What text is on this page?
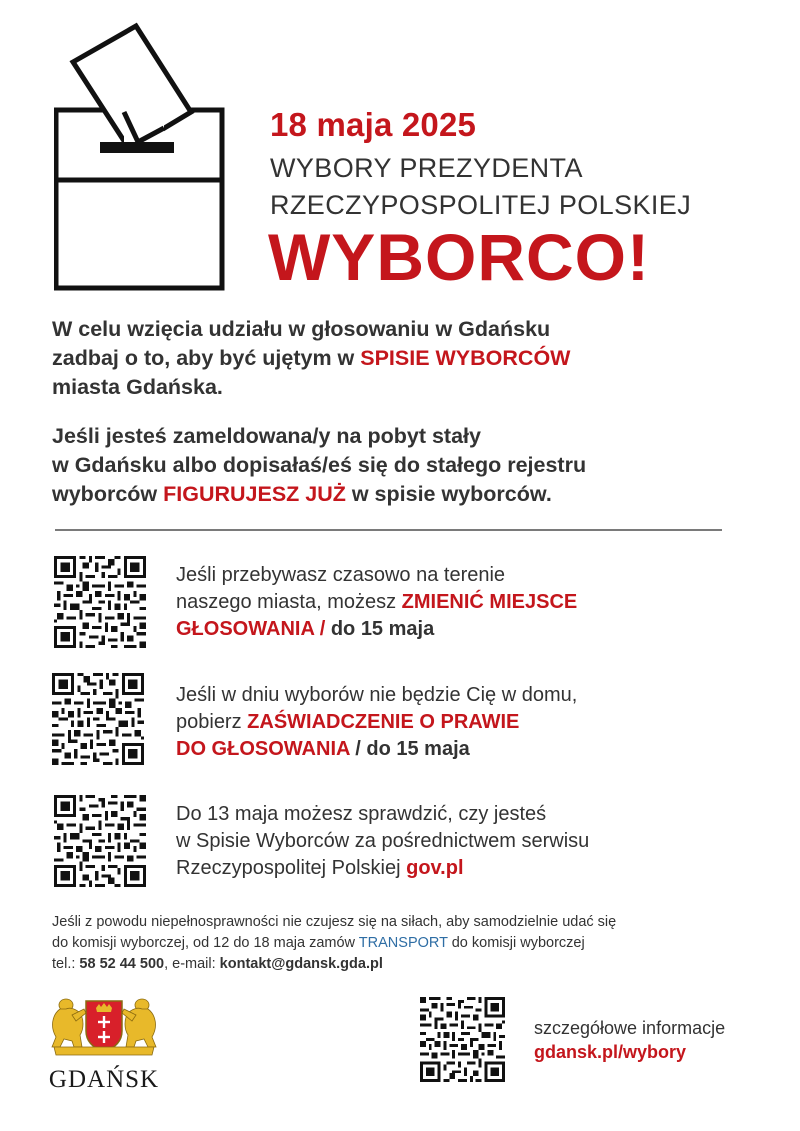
18 maja 2025
WYBORY PREZYDENTA
RZECZYPOSPOLITEJ POLSKIEJ
WYBORCO!
W celu wzięcia udziału w głosowaniu w Gdańsku
zadbaj o to, aby być ujętym w SPISIE WYBORCÓW
miasta Gdańska.
Jeśli jesteś zameldowana/y na pobyt stały
w Gdańsku albo dopisałaś/eś się do stałego rejestru
wyborców FIGURUJESZ JUŻ w spisie wyborców.
Jeśli przebywasz czasowo na terenie
naszego miasta, możesz ZMIENIĆ MIEJSCE
GŁOSOWANIA / do 15 maja
Jeśli w dniu wyborów nie będzie Cię w domu,
pobierz ZAŚWIADCZENIE O PRAWIE
DO GŁOSOWANIA / do 15 maja
Do 13 maja możesz sprawdzić, czy jesteś
w Spisie Wyborców za pośrednictwem serwisu
Rzeczypospolitej Polskiej gov.pl
Jeśli z powodu niepełnosprawności nie czujesz się na siłach, aby samodzielnie udać się
do komisji wyborczej, od 12 do 18 maja zamów TRANSPORT do komisji wyborczej
tel.: 58 52 44 500, e-mail: kontakt@gdansk.gda.pl
GDAŃSK
szczegółowe informacje
gdansk.pl/wybory
